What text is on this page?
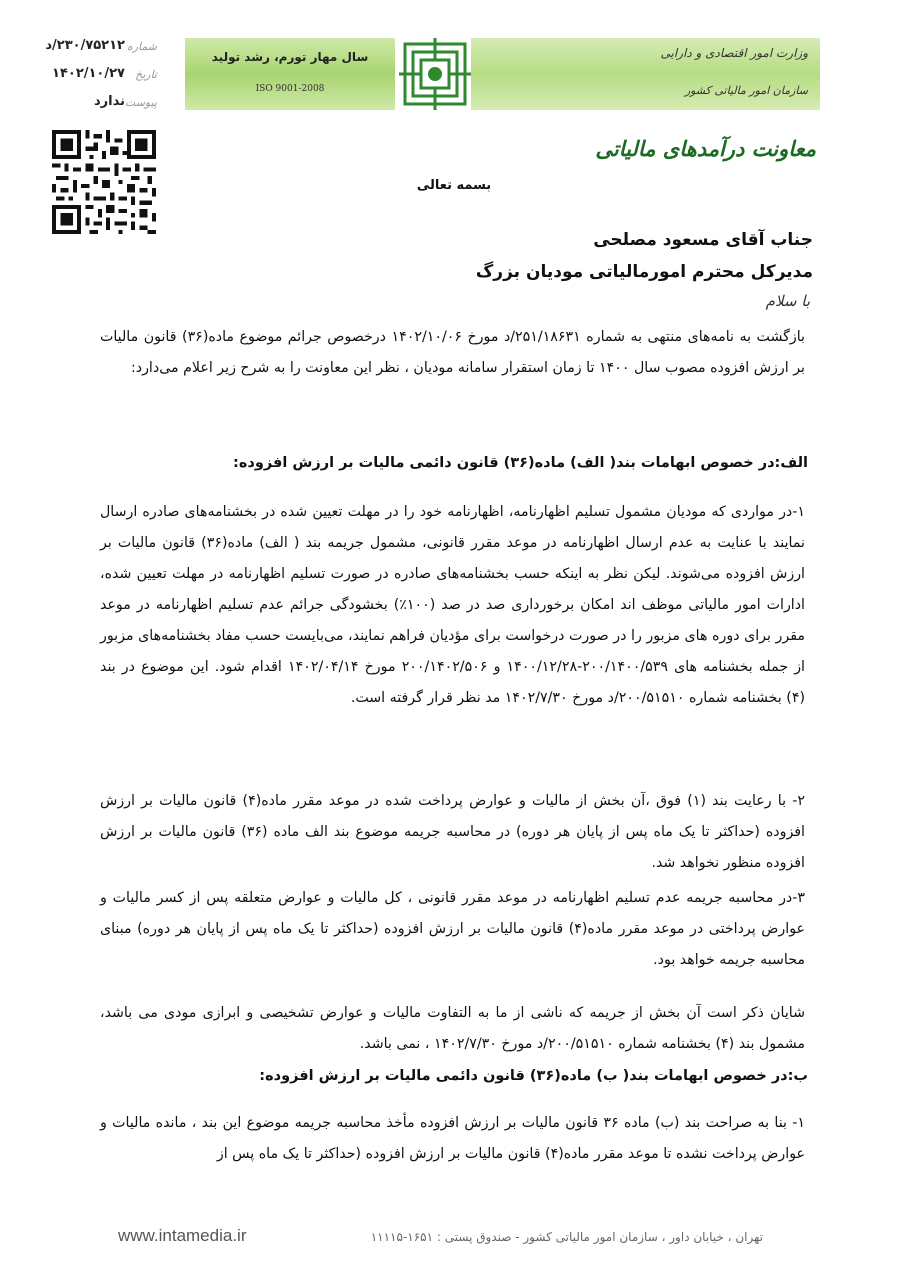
شماره
۲۳۰/۷۵۲۱۲/د
تاریخ
۱۴۰۲/۱۰/۲۷
پیوست
ندارد
سال مهار تورم، رشد تولید
ISO 9001-2008
وزارت امور اقتصادی و دارایی
سازمان امور مالیاتی کشور
معاونت درآمدهای مالیاتی
بسمه تعالی
جناب آقای مسعود مصلحی
مدیرکل محترم امورمالیاتی مودیان بزرگ
با سلام

بازگشت به نامه‌های منتهی به شماره ۲۵۱/۱۸۶۳۱/د مورخ ۱۴۰۲/۱۰/۰۶ درخصوص جرائم موضوع ماده(۳۶) قانون مالیات بر ارزش افزوده مصوب سال ۱۴۰۰ تا زمان استقرار سامانه مودیان ، نظر این معاونت را به شرح زیر اعلام می‌دارد:

الف:در خصوص ابهامات بند( الف) ماده(۳۶) قانون دائمی مالیات بر ارزش افزوده:

۱-در مواردی که مودیان مشمول تسلیم اظهارنامه، اظهارنامه خود را در مهلت تعیین شده در بخشنامه‌های صادره ارسال نمایند با عنایت به عدم ارسال اظهارنامه در موعد مقرر قانونی، مشمول جریمه بند ( الف) ماده(۳۶) قانون مالیات بر ارزش افزوده می‌شوند. لیکن نظر به اینکه حسب بخشنامه‌های صادره در صورت تسلیم اظهارنامه در مهلت تعیین شده، ادارات امور مالیاتی موظف اند امکان برخورداری صد در صد (۱۰۰٪) بخشودگی جرائم عدم تسلیم اظهارنامه در موعد مقرر برای دوره های مزبور را در صورت درخواست برای مؤدیان فراهم نمایند، می‌بایست حسب مفاد بخشنامه‌های مزبور از جمله بخشنامه های ۲۰۰/۱۴۰۰/۵۳۹-۱۴۰۰/۱۲/۲۸ و ۲۰۰/۱۴۰۲/۵۰۶ مورخ ۱۴۰۲/۰۴/۱۴ اقدام شود. این موضوع در بند (۴) بخشنامه شماره ۲۰۰/۵۱۵۱۰/د مورخ ۱۴۰۲/۷/۳۰ مد نظر قرار گرفته است.

۲- با رعایت بند (۱) فوق ،آن بخش از مالیات و عوارض پرداخت شده در موعد مقرر ماده(۴) قانون مالیات بر ارزش افزوده (حداکثر تا یک ماه پس از پایان هر دوره) در محاسبه جریمه موضوع بند الف ماده (۳۶) قانون مالیات بر ارزش افزوده منظور نخواهد شد.

۳-در محاسبه جریمه عدم تسلیم اظهارنامه در موعد مقرر قانونی ، کل مالیات و عوارض متعلقه پس از کسر مالیات و عوارض پرداختی در موعد مقرر ماده(۴) قانون مالیات بر ارزش افزوده (حداکثر تا یک ماه پس از پایان هر دوره) مبنای محاسبه جریمه خواهد بود.

شایان ذکر است آن بخش از جریمه که ناشی از ما به التفاوت مالیات و عوارض تشخیصی و ابرازی مودی می باشد، مشمول بند (۴) بخشنامه شماره ۲۰۰/۵۱۵۱۰/د مورخ ۱۴۰۲/۷/۳۰ ، نمی باشد.

ب:در خصوص ابهامات بند( ب) ماده(۳۶) قانون دائمی مالیات بر ارزش افزوده:

۱- بنا به صراحت بند (ب) ماده ۳۶ قانون مالیات بر ارزش افزوده مأخذ محاسبه جریمه موضوع این بند ، مانده مالیات و عوارض پرداخت نشده تا موعد مقرر ماده(۴) قانون مالیات بر ارزش افزوده (حداکثر تا یک ماه پس از

www.intamedia.ir	تهران ، خیابان داور ، سازمان امور مالیاتی کشور - صندوق پستی : ۱۶۵۱-۱۱۱۱۵
